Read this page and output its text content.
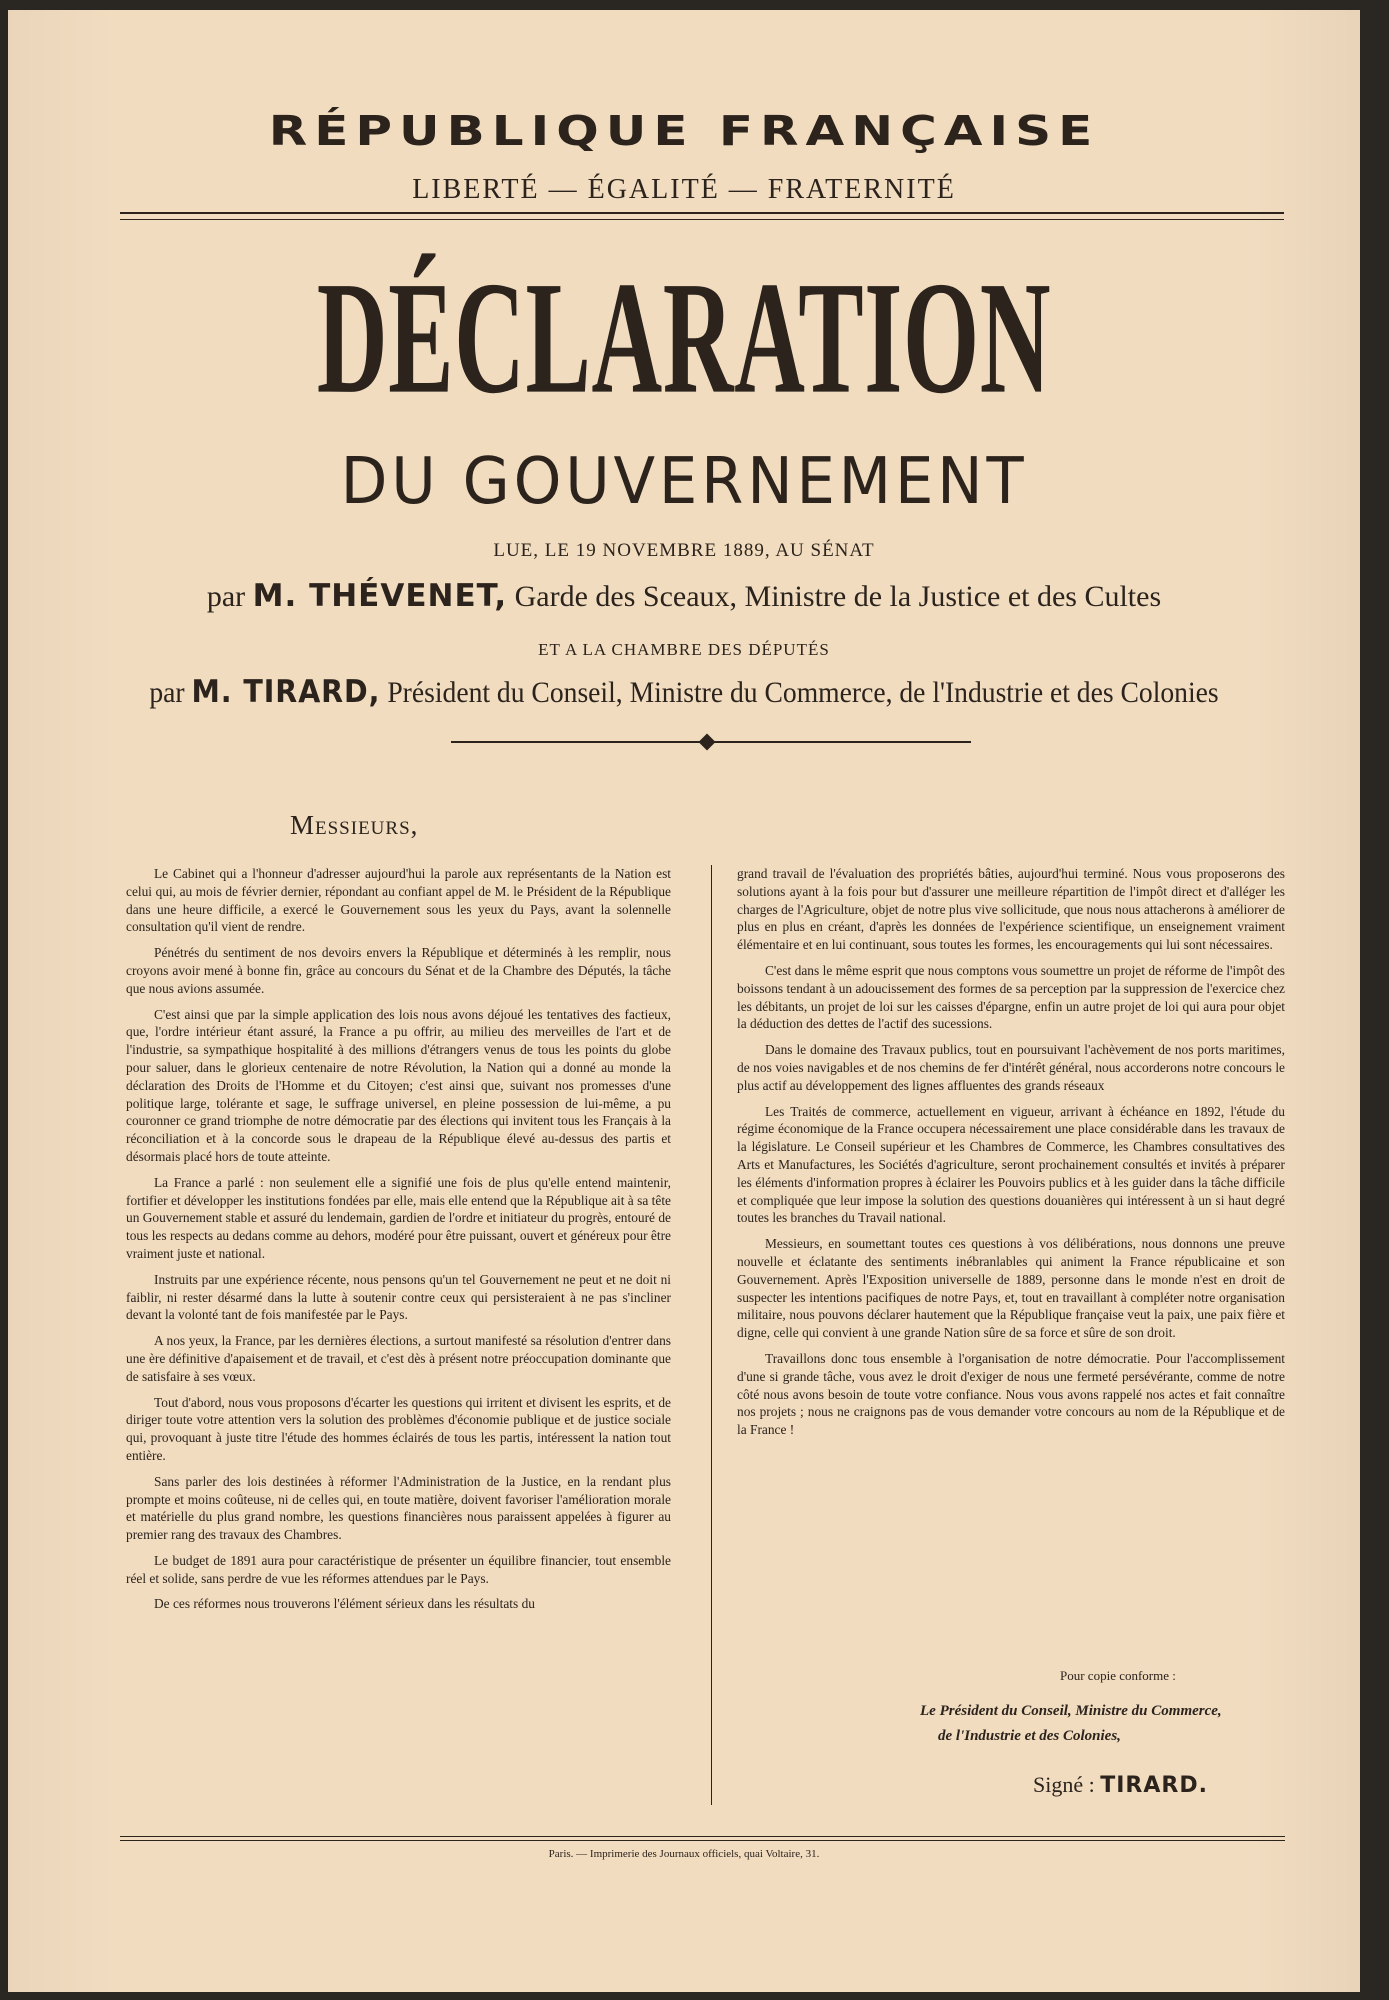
RÉPUBLIQUE FRANÇAISE
LIBERTÉ — ÉGALITÉ — FRATERNITÉ
DÉCLARATION
DU GOUVERNEMENT
LUE, LE 19 NOVEMBRE 1889, AU SÉNAT
par M. THÉVENET, Garde des Sceaux, Ministre de la Justice et des Cultes
ET A LA CHAMBRE DES DÉPUTÉS
par M. TIRARD, Président du Conseil, Ministre du Commerce, de l'Industrie et des Colonies
Messieurs,

Le Cabinet qui a l'honneur d'adresser aujourd'hui la parole aux représentants de la Nation est celui qui, au mois de février dernier, répondant au confiant appel de M. le Président de la République dans une heure difficile, a exercé le Gouvernement sous les yeux du Pays, avant la solennelle consultation qu'il vient de rendre.

Pénétrés du sentiment de nos devoirs envers la République et déterminés à les remplir, nous croyons avoir mené à bonne fin, grâce au concours du Sénat et de la Chambre des Députés, la tâche que nous avions assumée.

C'est ainsi que par la simple application des lois nous avons déjoué les tentatives des factieux, que, l'ordre intérieur étant assuré, la France a pu offrir, au milieu des merveilles de l'art et de l'industrie, sa sympathique hospitalité à des millions d'étrangers venus de tous les points du globe pour saluer, dans le glorieux centenaire de notre Révolution, la Nation qui a donné au monde la déclaration des Droits de l'Homme et du Citoyen; c'est ainsi que, suivant nos promesses d'une politique large, tolérante et sage, le suffrage universel, en pleine possession de lui-même, a pu couronner ce grand triomphe de notre démocratie par des élections qui invitent tous les Français à la réconciliation et à la concorde sous le drapeau de la République élevé au-dessus des partis et désormais placé hors de toute atteinte.

La France a parlé : non seulement elle a signifié une fois de plus qu'elle entend maintenir, fortifier et développer les institutions fondées par elle, mais elle entend que la République ait à sa tête un Gouvernement stable et assuré du lendemain, gardien de l'ordre et initiateur du progrès, entouré de tous les respects au dedans comme au dehors, modéré pour être puissant, ouvert et généreux pour être vraiment juste et national.

Instruits par une expérience récente, nous pensons qu'un tel Gouvernement ne peut et ne doit ni faiblir, ni rester désarmé dans la lutte à soutenir contre ceux qui persisteraient à ne pas s'incliner devant la volonté tant de fois manifestée par le Pays.

A nos yeux, la France, par les dernières élections, a surtout manifesté sa résolution d'entrer dans une ère définitive d'apaisement et de travail, et c'est dès à présent notre préoccupation dominante que de satisfaire à ses vœux.

Tout d'abord, nous vous proposons d'écarter les questions qui irritent et divisent les esprits, et de diriger toute votre attention vers la solution des problèmes d'économie publique et de justice sociale qui, provoquant à juste titre l'étude des hommes éclairés de tous les partis, intéressent la nation tout entière.

Sans parler des lois destinées à réformer l'Administration de la Justice, en la rendant plus prompte et moins coûteuse, ni de celles qui, en toute matière, doivent favoriser l'amélioration morale et matérielle du plus grand nombre, les questions financières nous paraissent appelées à figurer au premier rang des travaux des Chambres.

Le budget de 1891 aura pour caractéristique de présenter un équilibre financier, tout ensemble réel et solide, sans perdre de vue les réformes attendues par le Pays.

De ces réformes nous trouverons l'élément sérieux dans les résultats du

grand travail de l'évaluation des propriétés bâties, aujourd'hui terminé. Nous vous proposerons des solutions ayant à la fois pour but d'assurer une meilleure répartition de l'impôt direct et d'alléger les charges de l'Agriculture, objet de notre plus vive sollicitude, que nous nous attacherons à améliorer de plus en plus en créant, d'après les données de l'expérience scientifique, un enseignement vraiment élémentaire et en lui continuant, sous toutes les formes, les encouragements qui lui sont nécessaires.

C'est dans le même esprit que nous comptons vous soumettre un projet de réforme de l'impôt des boissons tendant à un adoucissement des formes de sa perception par la suppression de l'exercice chez les débitants, un projet de loi sur les caisses d'épargne, enfin un autre projet de loi qui aura pour objet la déduction des dettes de l'actif des sucessions.

Dans le domaine des Travaux publics, tout en poursuivant l'achèvement de nos ports maritimes, de nos voies navigables et de nos chemins de fer d'intérêt général, nous accorderons notre concours le plus actif au développement des lignes affluentes des grands réseaux

Les Traités de commerce, actuellement en vigueur, arrivant à échéance en 1892, l'étude du régime économique de la France occupera nécessairement une place considérable dans les travaux de la législature. Le Conseil supérieur et les Chambres de Commerce, les Chambres consultatives des Arts et Manufactures, les Sociétés d'agriculture, seront prochainement consultés et invités à préparer les éléments d'information propres à éclairer les Pouvoirs publics et à les guider dans la tâche difficile et compliquée que leur impose la solution des questions douanières qui intéressent à un si haut degré toutes les branches du Travail national.

Messieurs, en soumettant toutes ces questions à vos délibérations, nous donnons une preuve nouvelle et éclatante des sentiments inébranlables qui animent la France républicaine et son Gouvernement. Après l'Exposition universelle de 1889, personne dans le monde n'est en droit de suspecter les intentions pacifiques de notre Pays, et, tout en travaillant à compléter notre organisation militaire, nous pouvons déclarer hautement que la République française veut la paix, une paix fière et digne, celle qui convient à une grande Nation sûre de sa force et sûre de son droit.

Travaillons donc tous ensemble à l'organisation de notre démocratie. Pour l'accomplissement d'une si grande tâche, vous avez le droit d'exiger de nous une fermeté persévérante, comme de notre côté nous avons besoin de toute votre confiance. Nous vous avons rappelé nos actes et fait connaître nos projets ; nous ne craignons pas de vous demander votre concours au nom de la République et de la France !

Pour copie conforme :
Le Président du Conseil, Ministre du Commerce,
de l'Industrie et des Colonies,
Signé : TIRARD.
Paris. — Imprimerie des Journaux officiels, quai Voltaire, 31.
